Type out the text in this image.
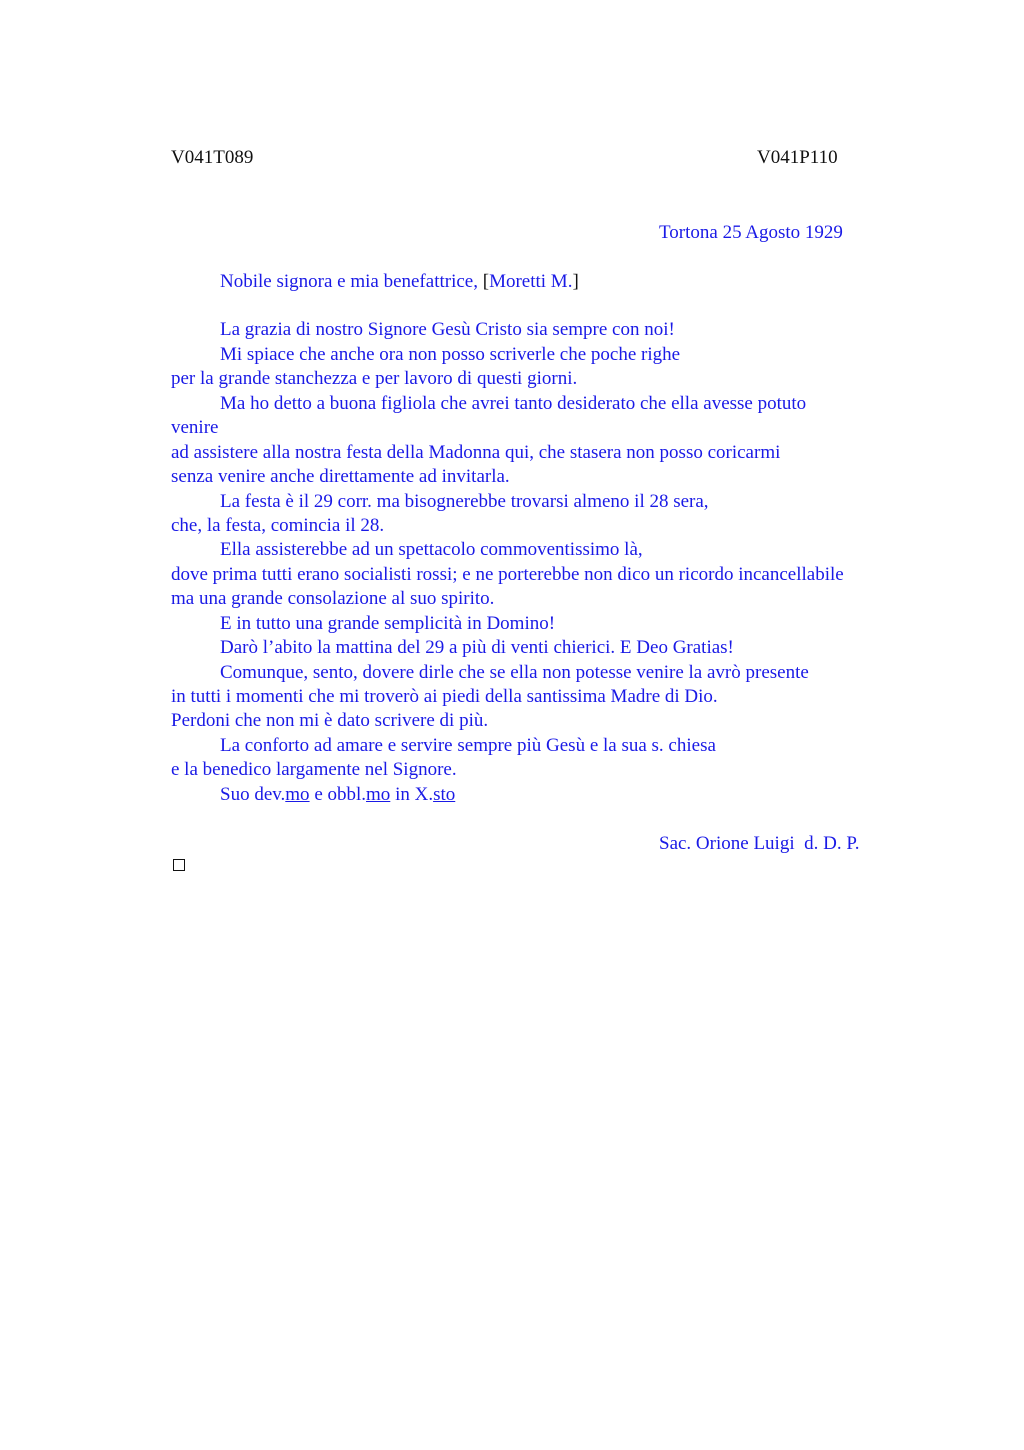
V041T089	V041P110
Tortona 25 Agosto 1929
Nobile signora e mia benefattrice, [Moretti M.]
La grazia di nostro Signore Gesù Cristo sia sempre con noi!
Mi spiace che anche ora non posso scriverle che poche righe
per la grande stanchezza e per lavoro di questi giorni.
Ma ho detto a buona figliola che avrei tanto desiderato che ella avesse potuto
venire
ad assistere alla nostra festa della Madonna qui, che stasera non posso coricarmi
senza venire anche direttamente ad invitarla.
La festa è il 29 corr. ma bisognerebbe trovarsi almeno il 28 sera,
che, la festa, comincia il 28.
Ella assisterebbe ad un spettacolo commoventissimo là,
dove prima tutti erano socialisti rossi; e ne porterebbe non dico un ricordo incancellabile
ma una grande consolazione al suo spirito.
E in tutto una grande semplicità in Domino!
Darò l’abito la mattina del 29 a più di venti chierici. E Deo Gratias!
Comunque, sento, dovere dirle che se ella non potesse venire la avrò presente
in tutti i momenti che mi troverò ai piedi della santissima Madre di Dio.
Perdoni che non mi è dato scrivere di più.
La conforto ad amare e servire sempre più Gesù e la sua s. chiesa
e la benedico largamente nel Signore.
Suo dev.mo e obbl.mo in X.sto
Sac. Orione Luigi  d. D. P.
